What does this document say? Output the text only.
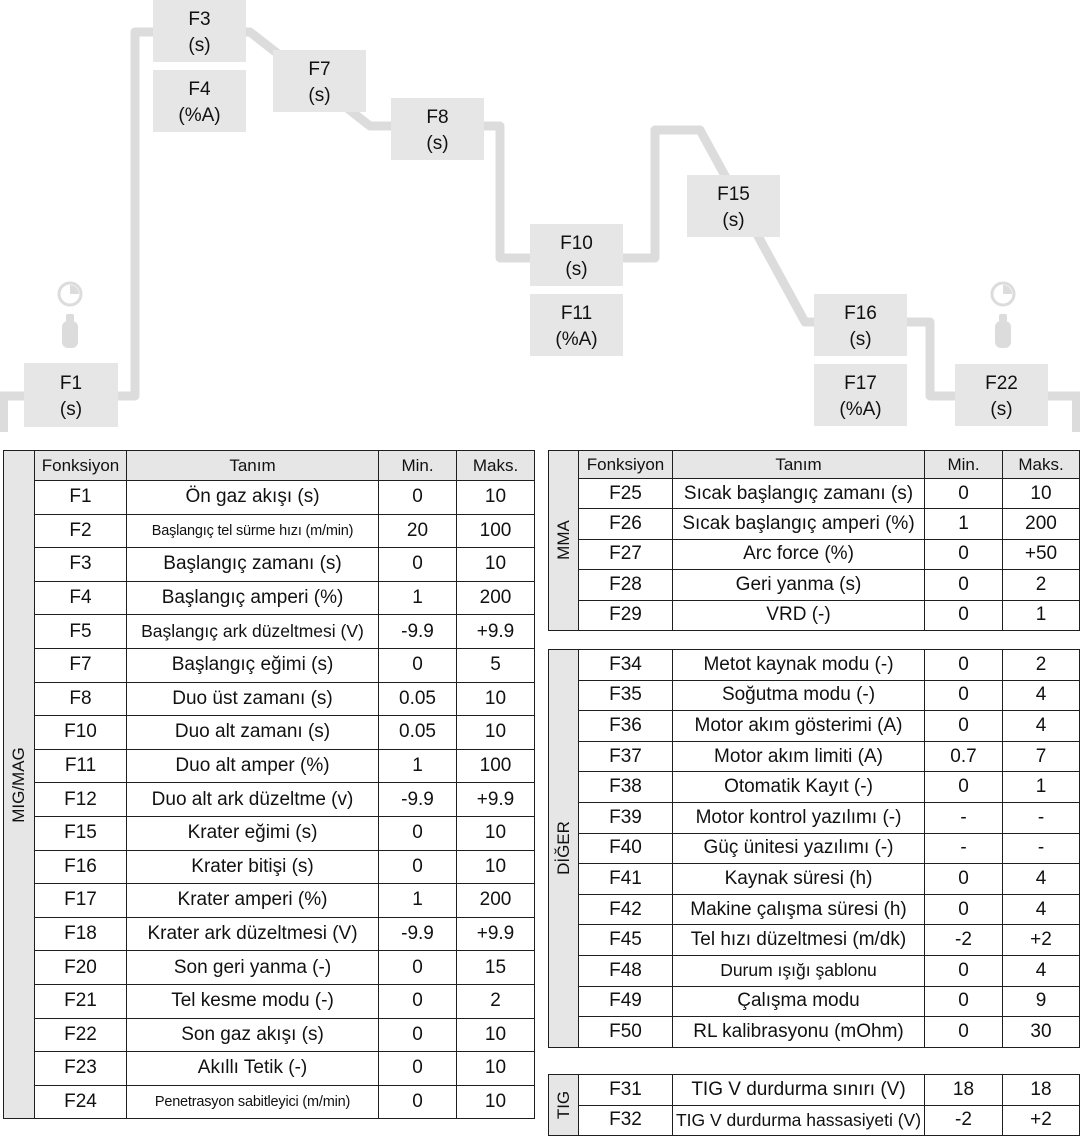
F1
(s)
F3
(s)
F4
(%A)
F7
(s)
F8
(s)
F10
(s)
F11
(%A)
F15
(s)
F16
(s)
F17
(%A)
F22
(s)
MIG/MAG	Fonksiyon	Tanım	Min.	Maks.
	F1	Ön gaz akışı (s)	0	10
	F2	Başlangıç tel sürme hızı (m/min)	20	100
	F3	Başlangıç zamanı (s)	0	10
	F4	Başlangıç amperi (%)	1	200
	F5	Başlangıç ark düzeltmesi (V)	-9.9	+9.9
	F7	Başlangıç eğimi (s)	0	5
	F8	Duo üst zamanı (s)	0.05	10
	F10	Duo alt zamanı (s)	0.05	10
	F11	Duo alt amper (%)	1	100
	F12	Duo alt ark düzeltme (v)	-9.9	+9.9
	F15	Krater eğimi (s)	0	10
	F16	Krater bitişi (s)	0	10
	F17	Krater amperi (%)	1	200
	F18	Krater ark düzeltmesi (V)	-9.9	+9.9
	F20	Son geri yanma (-)	0	15
	F21	Tel kesme modu (-)	0	2
	F22	Son gaz akışı (s)	0	10
	F23	Akıllı Tetik (-)	0	10
	F24	Penetrasyon sabitleyici (m/min)	0	10
MMA	Fonksiyon	Tanım	Min.	Maks.
	F25	Sıcak başlangıç zamanı (s)	0	10
	F26	Sıcak başlangıç amperi (%)	1	200
	F27	Arc force (%)	0	+50
	F28	Geri yanma (s)	0	2
	F29	VRD (-)	0	1
DİĞER	F34	Metot kaynak modu (-)	0	2
	F35	Soğutma modu (-)	0	4
	F36	Motor akım gösterimi (A)	0	4
	F37	Motor akım limiti (A)	0.7	7
	F38	Otomatik Kayıt (-)	0	1
	F39	Motor kontrol yazılımı (-)	-	-
	F40	Güç ünitesi yazılımı (-)	-	-
	F41	Kaynak süresi (h)	0	4
	F42	Makine çalışma süresi (h)	0	4
	F45	Tel hızı düzeltmesi (m/dk)	-2	+2
	F48	Durum ışığı şablonu	0	4
	F49	Çalışma modu	0	9
	F50	RL kalibrasyonu (mOhm)	0	30
TIG	F31	TIG V durdurma sınırı (V)	18	18
	F32	TIG V durdurma hassasiyeti (V)	-2	+2
